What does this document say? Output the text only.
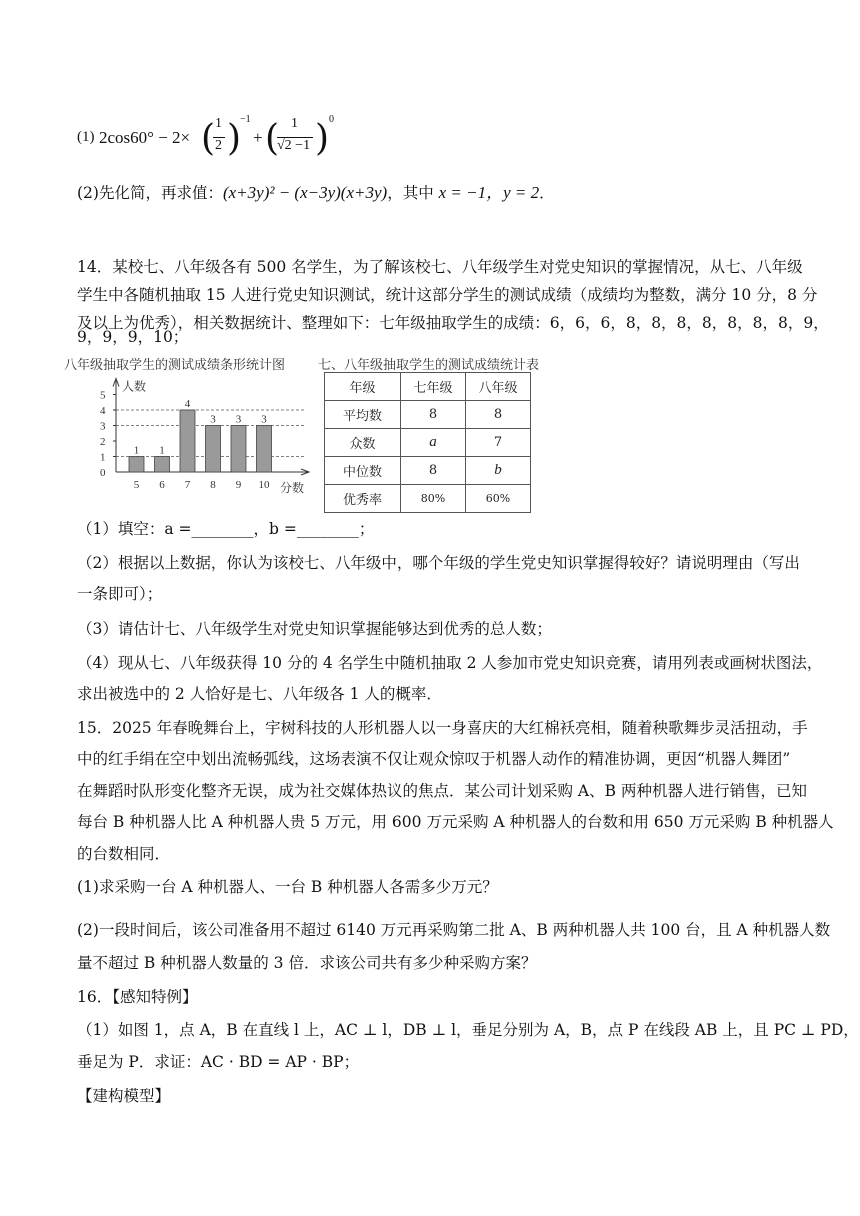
(1) 2cos60° − 2× ( 1
2 )
−1
+ ( 1
√2 −1 ) 0
(2)先化简，再求值：(x+3y)² − (x−3y)(x+3y)，其中 x = −1，y = 2．
14．某校七、八年级各有 500 名学生，为了解该校七、八年级学生对党史知识的掌握情况，从七、八年级
学生中各随机抽取 15 人进行党史知识测试，统计这部分学生的测试成绩（成绩均为整数，满分 10 分，8 分
及以上为优秀），相关数据统计、整理如下：七年级抽取学生的成绩：6，6，6，8，8，8，8，8，8，8，9，
9，9，9，10；
八年级抽取学生的测试成绩条形统计图	七、八年级抽取学生的测试成绩统计表
0
1
2
3
4
5
人数
分数
1
5
1
6
4
7
3
8
3
9
3
10
年级	七年级	八年级
平均数	8	8
众数	a	7
中位数	8	b
优秀率	80%	60%
（1）填空：a =________，b =________；
（2）根据以上数据，你认为该校七、八年级中，哪个年级的学生党史知识掌握得较好？请说明理由（写出
一条即可）；
（3）请估计七、八年级学生对党史知识掌握能够达到优秀的总人数；
（4）现从七、八年级获得 10 分的 4 名学生中随机抽取 2 人参加市党史知识竞赛，请用列表或画树状图法，
求出被选中的 2 人恰好是七、八年级各 1 人的概率．
15．2025 年春晚舞台上，宇树科技的人形机器人以一身喜庆的大红棉袄亮相，随着秧歌舞步灵活扭动，手
中的红手绢在空中划出流畅弧线，这场表演不仅让观众惊叹于机器人动作的精准协调，更因“机器人舞团”
在舞蹈时队形变化整齐无误，成为社交媒体热议的焦点．某公司计划采购 A、B 两种机器人进行销售，已知
每台 B 种机器人比 A 种机器人贵 5 万元，用 600 万元采购 A 种机器人的台数和用 650 万元采购 B 种机器人
的台数相同．
(1)求采购一台 A 种机器人、一台 B 种机器人各需多少万元？
(2)一段时间后，该公司准备用不超过 6140 万元再采购第二批 A、B 两种机器人共 100 台，且 A 种机器人数
量不超过 B 种机器人数量的 3 倍．求该公司共有多少种采购方案？
16．【感知特例】
（1）如图 1，点 A，B 在直线 l 上，AC ⊥ l，DB ⊥ l，垂足分别为 A，B，点 P 在线段 AB 上，且 PC ⊥ PD，
垂足为 P．求证：AC · BD = AP · BP；
【建构模型】
